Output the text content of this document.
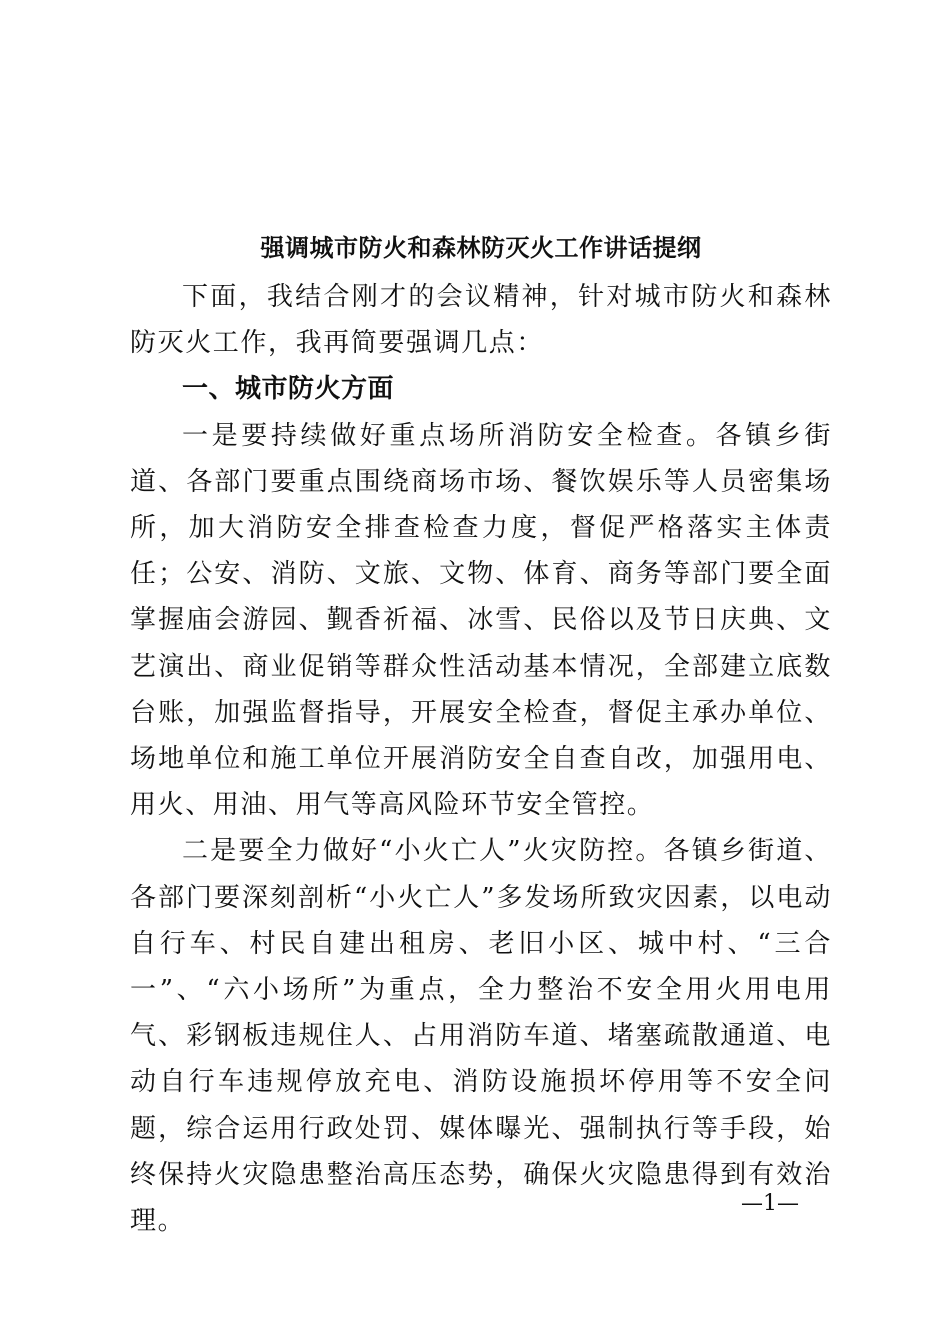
强调城市防火和森林防灭火工作讲话提纲

下面，我结合刚才的会议精神，针对城市防火和森林防灭火工作，我再简要强调几点：

一、城市防火方面

一是要持续做好重点场所消防安全检查。各镇乡街道、各部门要重点围绕商场市场、餐饮娱乐等人员密集场所，加大消防安全排查检查力度，督促严格落实主体责任；公安、消防、文旅、文物、体育、商务等部门要全面掌握庙会游园、觐香祈福、冰雪、民俗以及节日庆典、文艺演出、商业促销等群众性活动基本情况，全部建立底数台账，加强监督指导，开展安全检查，督促主承办单位、场地单位和施工单位开展消防安全自查自改，加强用电、用火、用油、用气等高风险环节安全管控。

二是要全力做好“小火亡人”火灾防控。各镇乡街道、各部门要深刻剖析“小火亡人”多发场所致灾因素，以电动自行车、村民自建出租房、老旧小区、城中村、“三合一”、“六小场所”为重点，全力整治不安全用火用电用气、彩钢板违规住人、占用消防车道、堵塞疏散通道、电动自行车违规停放充电、消防设施损坏停用等不安全问题，综合运用行政处罚、媒体曝光、强制执行等手段，始终保持火灾隐患整治高压态势，确保火灾隐患得到有效治理。

—1—
